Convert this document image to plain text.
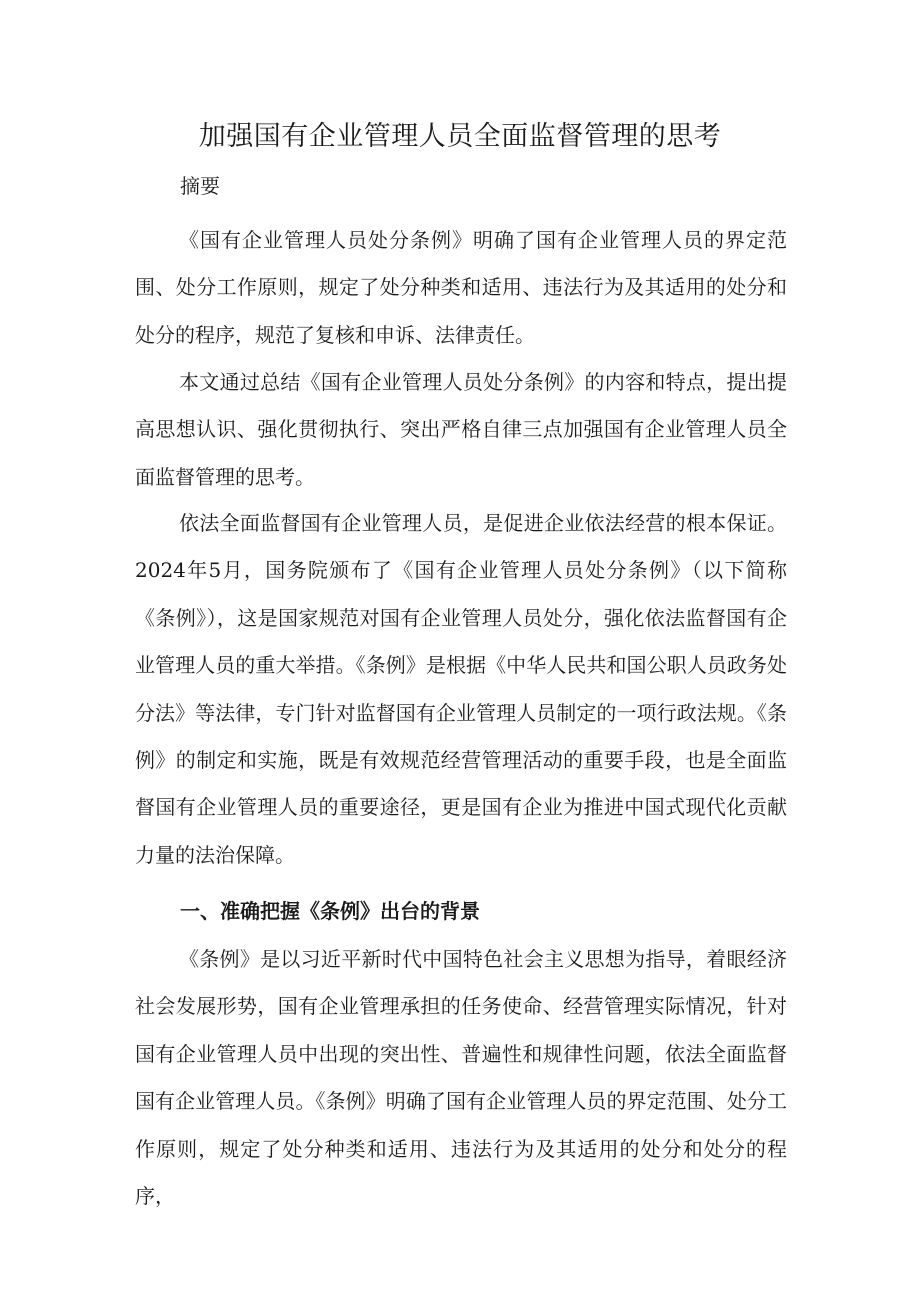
加强国有企业管理人员全面监督管理的思考

摘要

《国有企业管理人员处分条例》明确了国有企业管理人员的界定范围、处分工作原则，规定了处分种类和适用、违法行为及其适用的处分和处分的程序，规范了复核和申诉、法律责任。

本文通过总结《国有企业管理人员处分条例》的内容和特点，提出提高思想认识、强化贯彻执行、突出严格自律三点加强国有企业管理人员全面监督管理的思考。

依法全面监督国有企业管理人员，是促进企业依法经营的根本保证。2024年5月，国务院颁布了《国有企业管理人员处分条例》（以下简称《条例》），这是国家规范对国有企业管理人员处分，强化依法监督国有企业管理人员的重大举措。《条例》是根据《中华人民共和国公职人员政务处分法》等法律，专门针对监督国有企业管理人员制定的一项行政法规。《条例》的制定和实施，既是有效规范经营管理活动的重要手段，也是全面监督国有企业管理人员的重要途径，更是国有企业为推进中国式现代化贡献力量的法治保障。

一、准确把握《条例》出台的背景

《条例》是以习近平新时代中国特色社会主义思想为指导，着眼经济社会发展形势，国有企业管理承担的任务使命、经营管理实际情况，针对国有企业管理人员中出现的突出性、普遍性和规律性问题，依法全面监督国有企业管理人员。《条例》明确了国有企业管理人员的界定范围、处分工作原则，规定了处分种类和适用、违法行为及其适用的处分和处分的程序，
